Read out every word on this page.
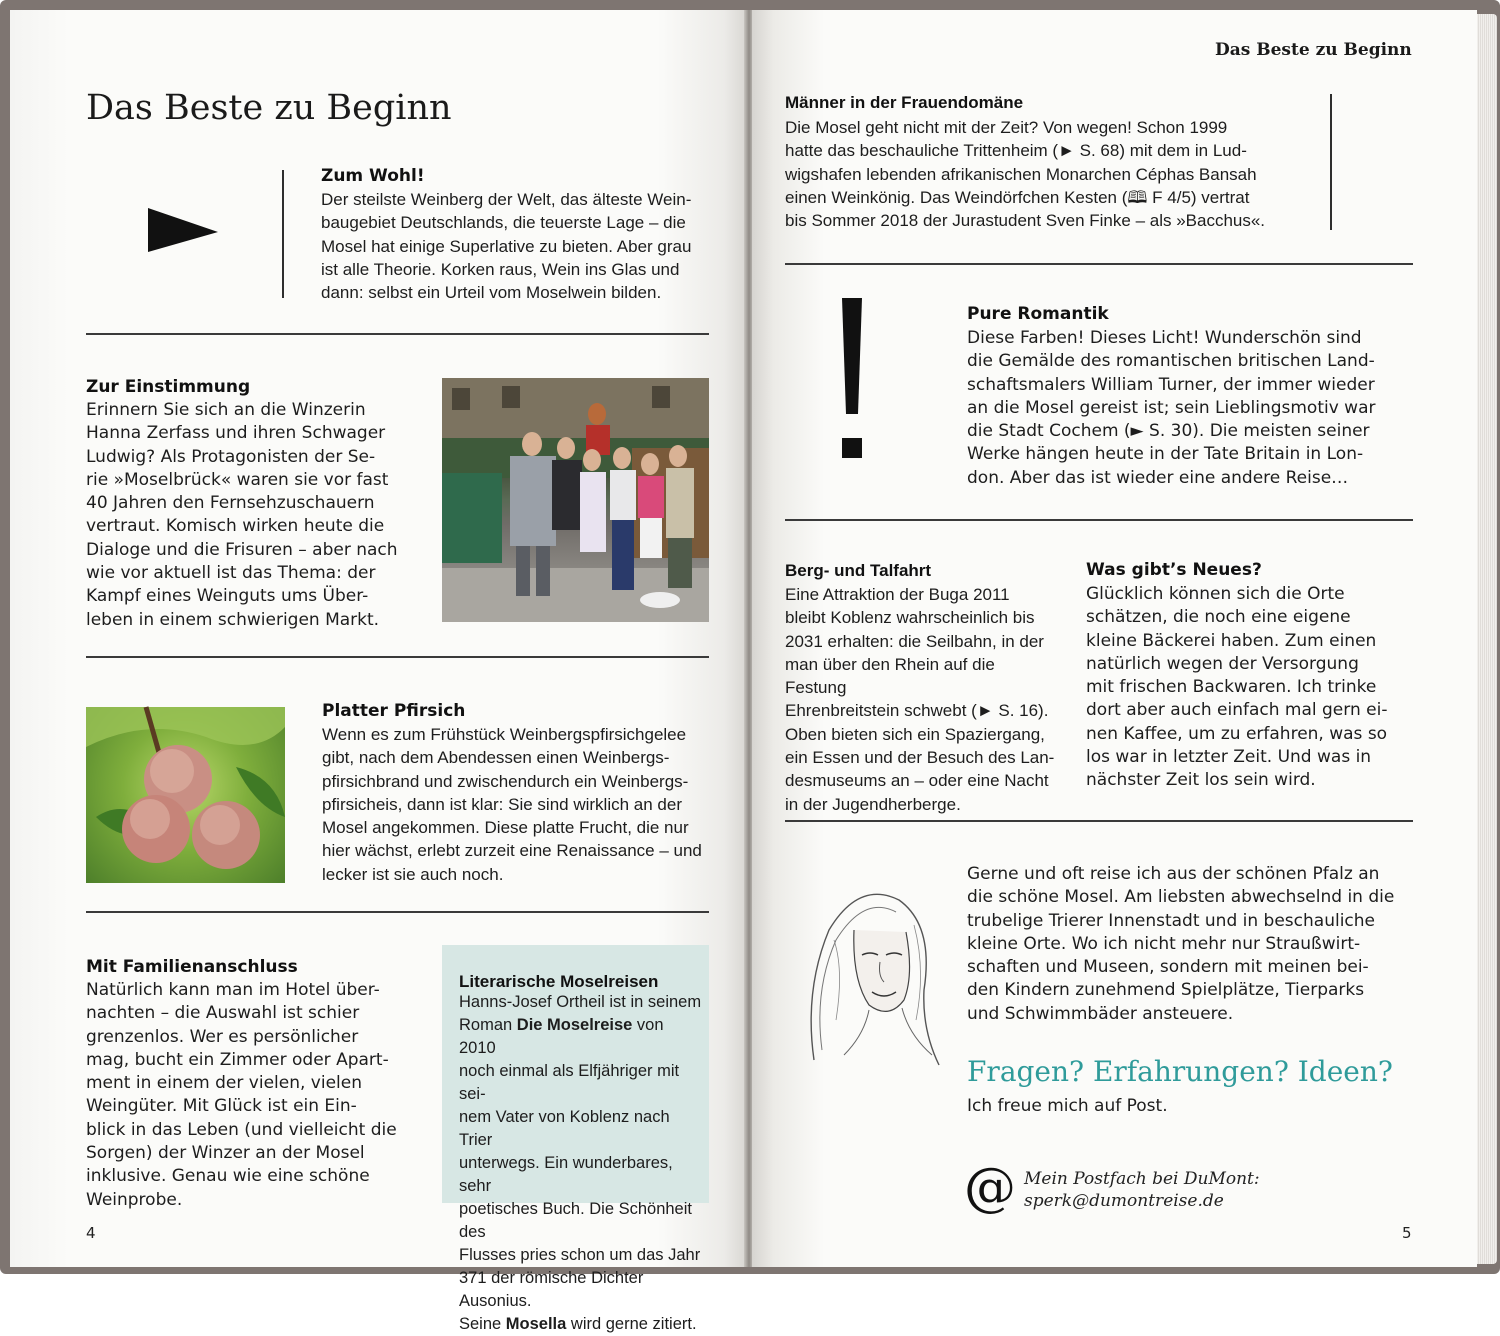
Das Beste zu Beginn
Zum Wohl!
Der steilste Weinberg der Welt, das älteste Wein-
baugebiet Deutschlands, die teuerste Lage – die
Mosel hat einige Superlative zu bieten. Aber grau
ist alle Theorie. Korken raus, Wein ins Glas und
dann: selbst ein Urteil vom Moselwein bilden.
Zur Einstimmung
Erinnern Sie sich an die Winzerin
Hanna Zerfass und ihren Schwager
Ludwig? Als Protagonisten der Se-
rie »Moselbrück« waren sie vor fast
40 Jahren den Fernsehzuschauern
vertraut. Komisch wirken heute die
Dialoge und die Frisuren – aber nach
wie vor aktuell ist das Thema: der
Kampf eines Weinguts ums Über-
leben in einem schwierigen Markt.
Platter Pfirsich
Wenn es zum Frühstück Weinbergspfirsichgelee
gibt, nach dem Abendessen einen Weinbergs-
pfirsichbrand und zwischendurch ein Weinbergs-
pfirsicheis, dann ist klar: Sie sind wirklich an der
Mosel angekommen. Diese platte Frucht, die nur
hier wächst, erlebt zurzeit eine Renaissance – und
lecker ist sie auch noch.
Mit Familienanschluss
Natürlich kann man im Hotel über-
nachten – die Auswahl ist schier
grenzenlos. Wer es persönlicher
mag, bucht ein Zimmer oder Apart-
ment in einem der vielen, vielen
Weingüter. Mit Glück ist ein Ein-
blick in das Leben (und vielleicht die
Sorgen) der Winzer an der Mosel
inklusive. Genau wie eine schöne
Weinprobe.
Literarische Moselreisen
Hanns-Josef Ortheil ist in seinem
Roman Die Moselreise von 2010
noch einmal als Elfjähriger mit sei-
nem Vater von Koblenz nach Trier
unterwegs. Ein wunderbares, sehr
poetisches Buch. Die Schönheit des
Flusses pries schon um das Jahr
371 der römische Dichter Ausonius.
Seine Mosella wird gerne zitiert.
4
Das Beste zu Beginn
Männer in der Frauendomäne
Die Mosel geht nicht mit der Zeit? Von wegen! Schon 1999
hatte das beschauliche Trittenheim (► S. 68) mit dem in Lud-
wigshafen lebenden afrikanischen Monarchen Céphas Bansah
einen Weinkönig. Das Weindörfchen Kesten (🕮 F 4/5) vertrat
bis Sommer 2018 der Jurastudent Sven Finke – als »Bacchus«.
Pure Romantik
Diese Farben! Dieses Licht! Wunderschön sind
die Gemälde des romantischen britischen Land-
schaftsmalers William Turner, der immer wieder
an die Mosel gereist ist; sein Lieblingsmotiv war
die Stadt Cochem (► S. 30). Die meisten seiner
Werke hängen heute in der Tate Britain in Lon-
don. Aber das ist wieder eine andere Reise…
Berg- und Talfahrt
Eine Attraktion der Buga 2011
bleibt Koblenz wahrscheinlich bis
2031 erhalten: die Seilbahn, in der
man über den Rhein auf die Festung
Ehrenbreitstein schwebt (► S. 16).
Oben bieten sich ein Spaziergang,
ein Essen und der Besuch des Lan-
desmuseums an – oder eine Nacht
in der Jugendherberge.
Was gibt’s Neues?
Glücklich können sich die Orte
schätzen, die noch eine eigene
kleine Bäckerei haben. Zum einen
natürlich wegen der Versorgung
mit frischen Backwaren. Ich trinke
dort aber auch einfach mal gern ei-
nen Kaffee, um zu erfahren, was so
los war in letzter Zeit. Und was in
nächster Zeit los sein wird.
Gerne und oft reise ich aus der schönen Pfalz an
die schöne Mosel. Am liebsten abwechselnd in die
trubelige Trierer Innenstadt und in beschauliche
kleine Orte. Wo ich nicht mehr nur Straußwirt-
schaften und Museen, sondern mit meinen bei-
den Kindern zunehmend Spielplätze, Tierparks
und Schwimmbäder ansteuere.
Fragen? Erfahrungen? Ideen?
Ich freue mich auf Post.
@ Mein Postfach bei DuMont:
sperk@dumontreise.de
5
